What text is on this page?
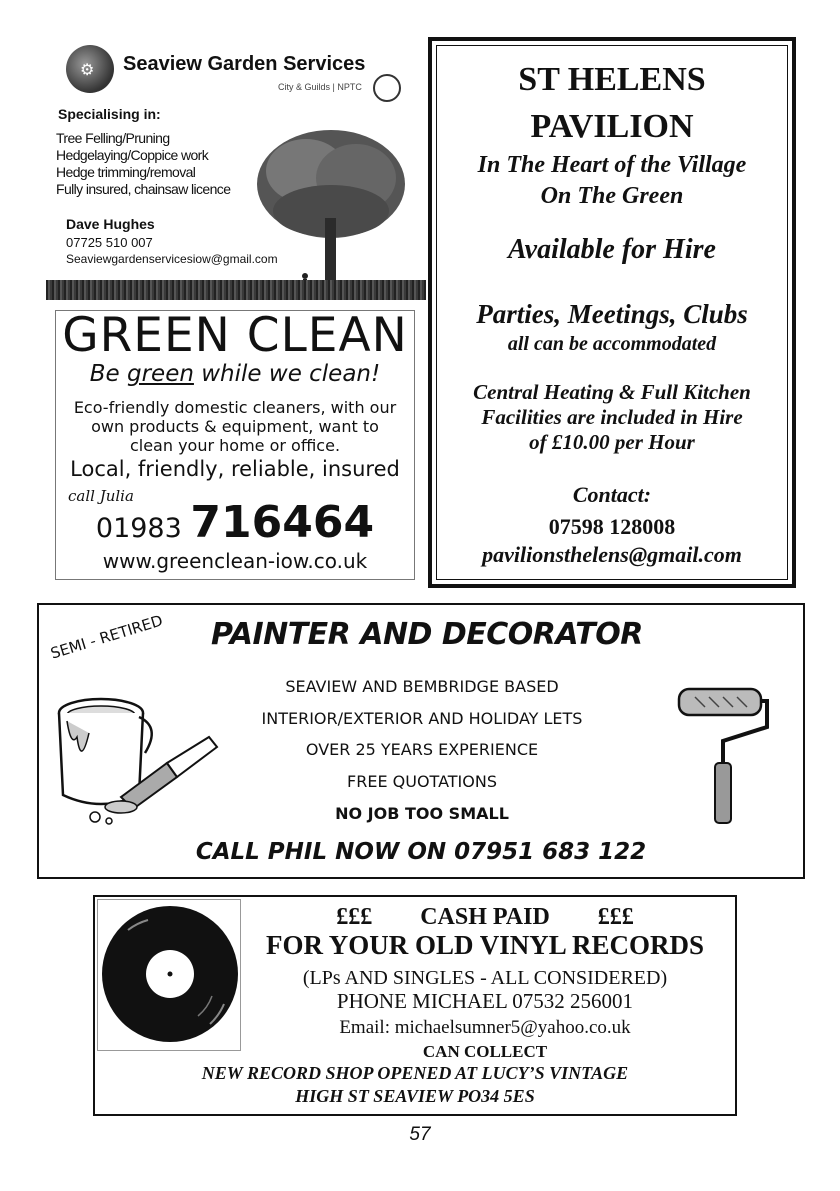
⚙ Seaview Garden Services
City & Guilds | NPTC
Specialising in:
Tree Felling/Pruning
Hedgelaying/Coppice work
Hedge trimming/removal
Fully insured, chainsaw licence
Dave Hughes
07725 510 007
Seaviewgardenservicesiow@gmail.com
GREEN CLEAN
Be green while we clean!
Eco-friendly domestic cleaners, with our own products & equipment, want to clean your home or office.
Local, friendly, reliable, insured
call Julia
01983 716464
www.greenclean-iow.co.uk
ST HELENS
PAVILION
In The Heart of the Village
On The Green
Available for Hire
Parties, Meetings, Clubs
all can be accommodated
Central Heating & Full Kitchen
Facilities are included in Hire
of £10.00 per Hour
Contact:
07598 128008
pavilionsthelens@gmail.com
PAINTER AND DECORATOR
SEMI - RETIRED
SEAVIEW AND BEMBRIDGE BASED
INTERIOR/EXTERIOR AND HOLIDAY LETS
OVER 25 YEARS EXPERIENCE
FREE QUOTATIONS
NO JOB TOO SMALL
CALL PHIL NOW ON 07951 683 122
£££ CASH PAID £££
FOR YOUR OLD VINYL RECORDS
(LPs AND SINGLES - ALL CONSIDERED)
PHONE MICHAEL 07532 256001
Email: michaelsumner5@yahoo.co.uk
CAN COLLECT
NEW RECORD SHOP OPENED AT LUCY’S VINTAGE
HIGH ST SEAVIEW PO34 5ES
57
